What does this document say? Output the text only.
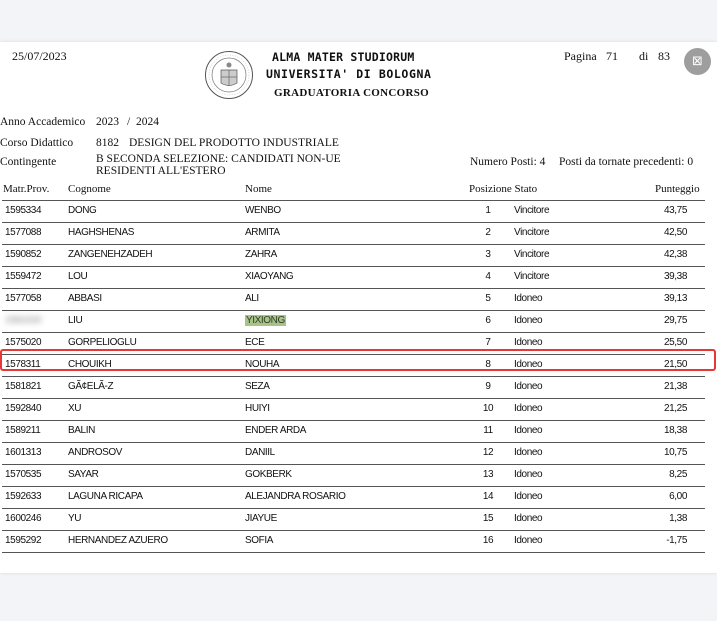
25/07/2023	ALMA MATER STUDIORUM
UNIVERSITA' DI BOLOGNA
GRADUATORIA CONCORSO
Pagina 71 di 83
Anno Accademico 2023 / 2024
Corso Didattico 8182 DESIGN DEL PRODOTTO INDUSTRIALE
Contingente	B SECONDA SELEZIONE: CANDIDATI NON-UE
RESIDENTI ALL'ESTERO
Numero Posti: 4 Posti da tornate precedenti: 0
Matr.Prov. Cognome	Nome	Posizione Stato	Punteggio
1595334	DONG	WENBO	1	Vincitore	43,75
1577088	HAGHSHENAS	ARMITA	2	Vincitore	42,50
1590852	ZANGENEHZADEH	ZAHRA	3	Vincitore	42,38
1559472	LOU	XIAOYANG	4	Vincitore	39,38
1577058	ABBASI	ALI	5	Idoneo	39,13
1581020	LIU	YIXIONG	6	Idoneo	29,75
1575020	GORPELIOGLU	ECE	7	Idoneo	25,50
1578311	CHOUIKH	NOUHA	8	Idoneo	21,50
1581821	GÃ¢ELÃ-Z	SEZA	9	Idoneo	21,38
1592840	XU	HUIYI	10 Idoneo	21,25
1589211	BALIN	ENDER ARDA	11 Idoneo	18,38
1601313	ANDROSOV	DANIIL	12 Idoneo	10,75
1570535	SAYAR	GOKBERK	13 Idoneo	8,25
1592633	LAGUNA RICAPA	ALEJANDRA ROSARIO	14 Idoneo	6,00
1600246	YU	JIAYUE	15 Idoneo	1,38
1595292	HERNANDEZ AZUERO	SOFIA	16 Idoneo	-1,75
⊠
